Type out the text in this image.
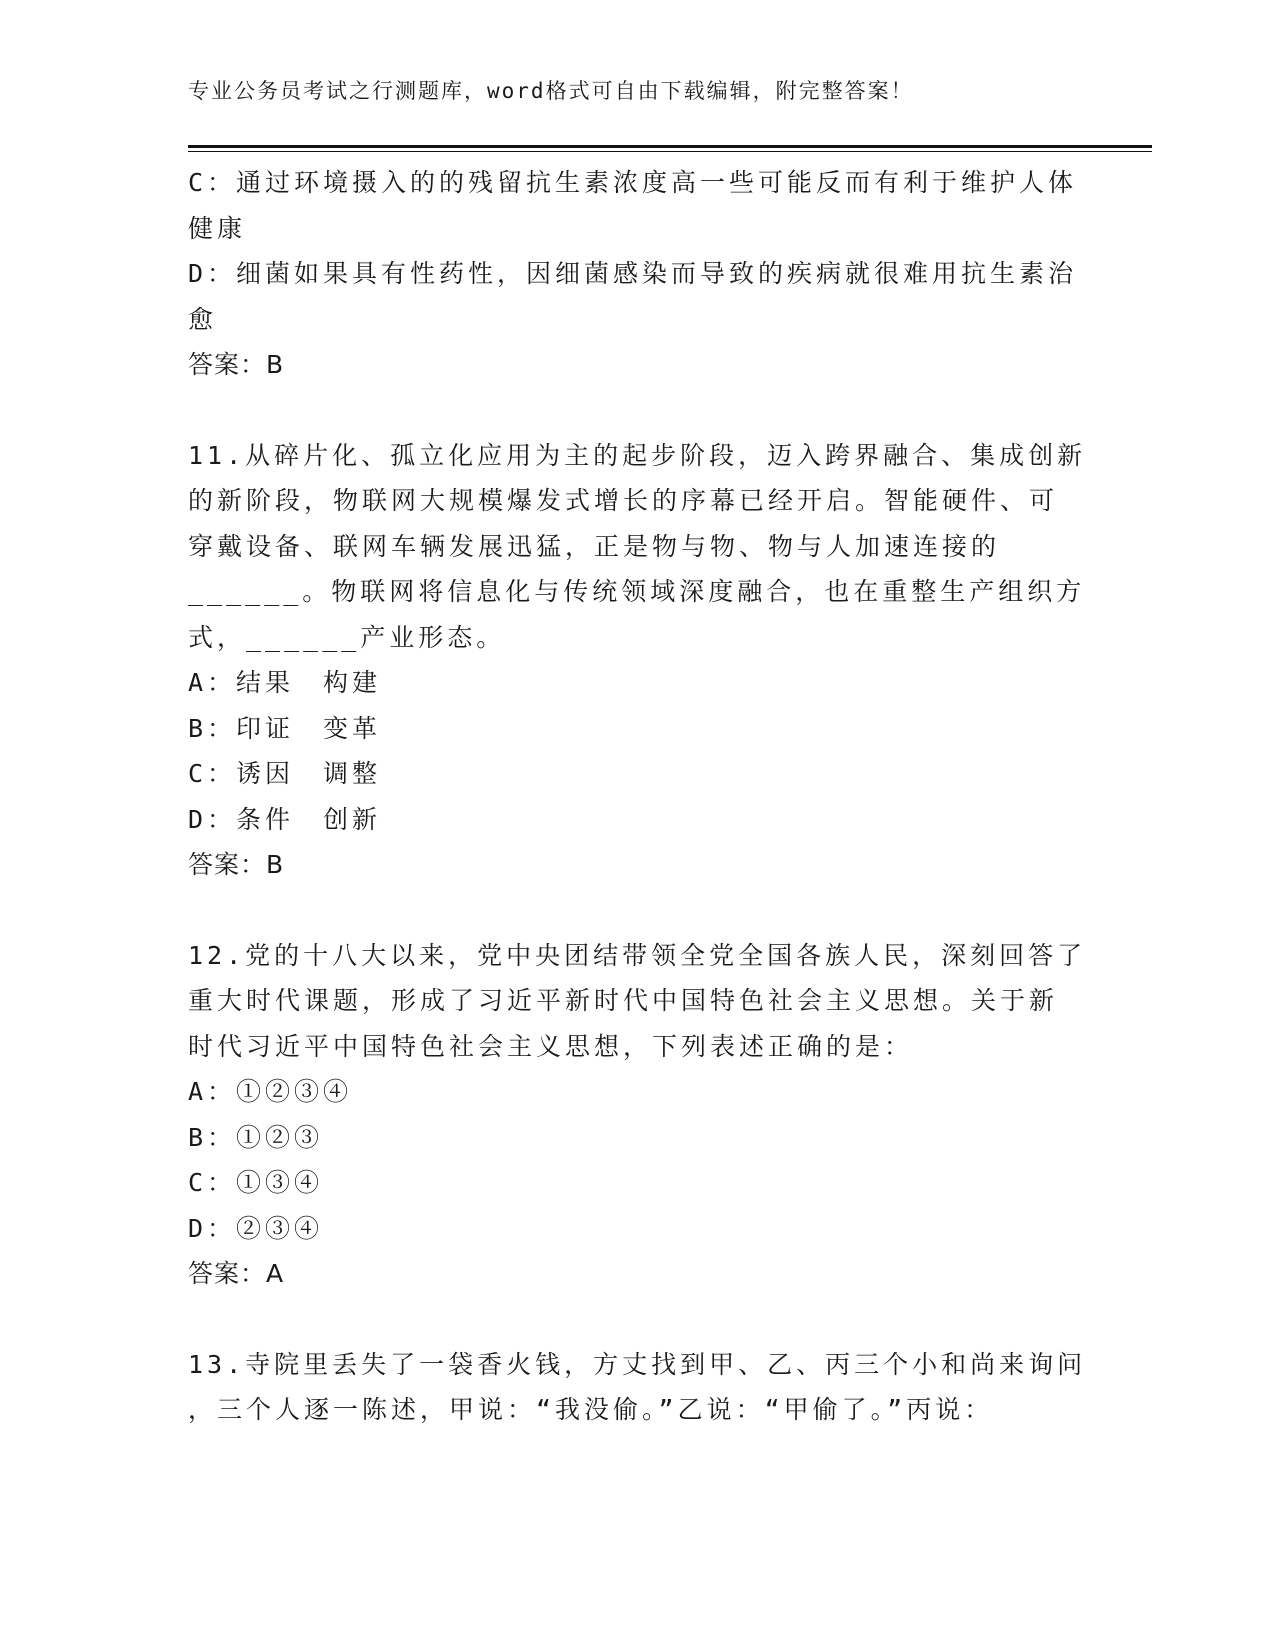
专业公务员考试之行测题库，word格式可自由下载编辑，附完整答案！
C：通过环境摄入的的残留抗生素浓度高一些可能反而有利于维护人体
健康
D：细菌如果具有性药性，因细菌感染而导致的疾病就很难用抗生素治
愈
答案：B
11.从碎片化、孤立化应用为主的起步阶段，迈入跨界融合、集成创新
的新阶段，物联网大规模爆发式增长的序幕已经开启。智能硬件、可
穿戴设备、联网车辆发展迅猛，正是物与物、物与人加速连接的
______。物联网将信息化与传统领域深度融合，也在重整生产组织方
式，______产业形态。
A：结果　构建
B：印证　变革
C：诱因　调整
D：条件　创新
答案：B
12.党的十八大以来，党中央团结带领全党全国各族人民，深刻回答了
重大时代课题，形成了习近平新时代中国特色社会主义思想。关于新
时代习近平中国特色社会主义思想，下列表述正确的是：
A：①②③④
B：①②③
C：①③④
D：②③④
答案：A
13.寺院里丢失了一袋香火钱，方丈找到甲、乙、丙三个小和尚来询问
，三个人逐一陈述，甲说：“我没偷。”乙说：“甲偷了。”丙说：
